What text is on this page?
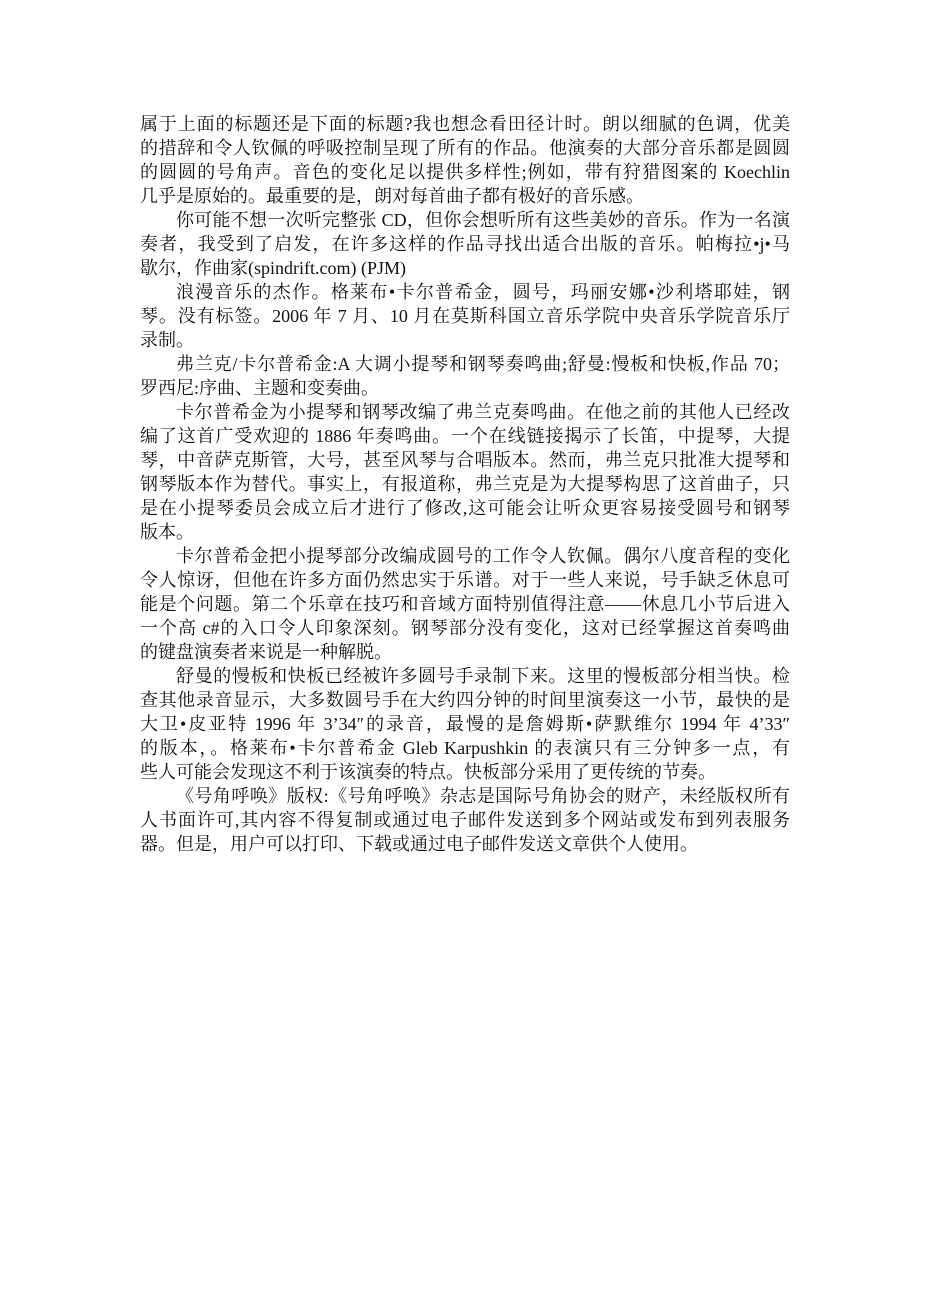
属于上面的标题还是下面的标题?我也想念看田径计时。朗以细腻的色调，优美
的措辞和令人钦佩的呼吸控制呈现了所有的作品。他演奏的大部分音乐都是圆圆
的圆圆的号角声。音色的变化足以提供多样性;例如，带有狩猎图案的 Koechlin
几乎是原始的。最重要的是，朗对每首曲子都有极好的音乐感。
你可能不想一次听完整张 CD，但你会想听所有这些美妙的音乐。作为一名演
奏者，我受到了启发，在许多这样的作品寻找出适合出版的音乐。帕梅拉•j•马
歇尔，作曲家(spindrift.com) (PJM)
浪漫音乐的杰作。格莱布•卡尔普希金，圆号，玛丽安娜•沙利塔耶娃，钢
琴。没有标签。2006 年 7 月、10 月在莫斯科国立音乐学院中央音乐学院音乐厅
录制。
弗兰克/卡尔普希金:A 大调小提琴和钢琴奏鸣曲;舒曼:慢板和快板,作品 70；
罗西尼:序曲、主题和变奏曲。
卡尔普希金为小提琴和钢琴改编了弗兰克奏鸣曲。在他之前的其他人已经改
编了这首广受欢迎的 1886 年奏鸣曲。一个在线链接揭示了长笛，中提琴，大提
琴，中音萨克斯管，大号，甚至风琴与合唱版本。然而，弗兰克只批准大提琴和
钢琴版本作为替代。事实上，有报道称，弗兰克是为大提琴构思了这首曲子，只
是在小提琴委员会成立后才进行了修改,这可能会让听众更容易接受圆号和钢琴
版本。
卡尔普希金把小提琴部分改编成圆号的工作令人钦佩。偶尔八度音程的变化
令人惊讶，但他在许多方面仍然忠实于乐谱。对于一些人来说，号手缺乏休息可
能是个问题。第二个乐章在技巧和音域方面特别值得注意——休息几小节后进入
一个高 c#的入口令人印象深刻。钢琴部分没有变化，这对已经掌握这首奏鸣曲
的键盘演奏者来说是一种解脱。
舒曼的慢板和快板已经被许多圆号手录制下来。这里的慢板部分相当快。检
查其他录音显示，大多数圆号手在大约四分钟的时间里演奏这一小节，最快的是
大卫•皮亚特 1996 年 3’34″的录音，最慢的是詹姆斯•萨默维尔 1994 年 4’33″
的版本，。格莱布•卡尔普希金 Gleb Karpushkin 的表演只有三分钟多一点，有
些人可能会发现这不利于该演奏的特点。快板部分采用了更传统的节奏。
《号角呼唤》版权:《号角呼唤》杂志是国际号角协会的财产，未经版权所有
人书面许可,其内容不得复制或通过电子邮件发送到多个网站或发布到列表服务
器。但是，用户可以打印、下载或通过电子邮件发送文章供个人使用。
